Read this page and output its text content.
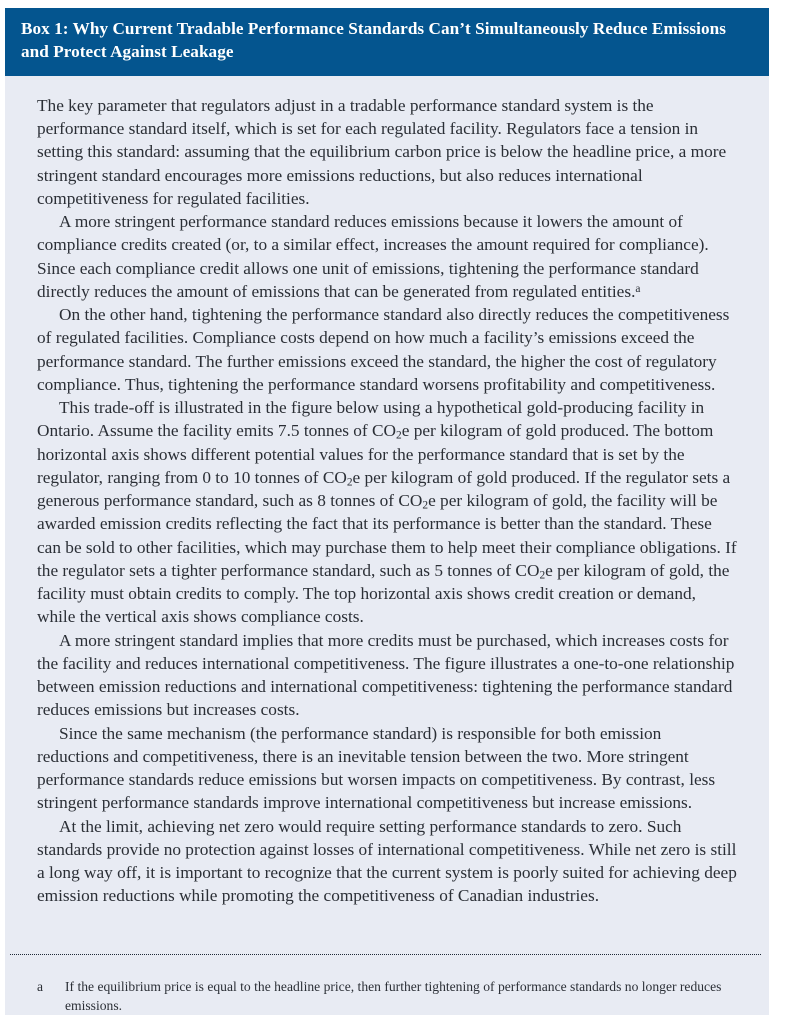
Box 1: Why Current Tradable Performance Standards Can’t Simultaneously Reduce Emissions and Protect Against Leakage

The key parameter that regulators adjust in a tradable performance standard system is the performance standard itself, which is set for each regulated facility. Regulators face a tension in setting this standard: assuming that the equilibrium carbon price is below the headline price, a more stringent standard encourages more emissions reductions, but also reduces international competitiveness for regulated facilities.

A more stringent performance standard reduces emissions because it lowers the amount of compliance credits created (or, to a similar effect, increases the amount required for compliance). Since each compliance credit allows one unit of emissions, tightening the performance standard directly reduces the amount of emissions that can be generated from regulated entities.$^a$

On the other hand, tightening the performance standard also directly reduces the competitiveness of regulated facilities. Compliance costs depend on how much a facility’s emissions exceed the performance standard. The further emissions exceed the standard, the higher the cost of regulatory compliance. Thus, tightening the performance standard worsens profitability and competitiveness.

This trade-off is illustrated in the figure below using a hypothetical gold-producing facility in Ontario. Assume the facility emits 7.5 tonnes of $CO_2e$ per kilogram of gold produced. The bottom horizontal axis shows different potential values for the performance standard that is set by the regulator, ranging from 0 to 10 tonnes of $CO_2e$ per kilogram of gold produced. If the regulator sets a generous performance standard, such as 8 tonnes of $CO_2e$ per kilogram of gold, the facility will be awarded emission credits reflecting the fact that its performance is better than the standard. These can be sold to other facilities, which may purchase them to help meet their compliance obligations. If the regulator sets a tighter performance standard, such as 5 tonnes of $CO_2e$ per kilogram of gold, the facility must obtain credits to comply. The top horizontal axis shows credit creation or demand, while the vertical axis shows compliance costs.

A more stringent standard implies that more credits must be purchased, which increases costs for the facility and reduces international competitiveness. The figure illustrates a one-to-one relationship between emission reductions and international competitiveness: tightening the performance standard reduces emissions but increases costs.

Since the same mechanism (the performance standard) is responsible for both emission reductions and competitiveness, there is an inevitable tension between the two. More stringent performance standards reduce emissions but worsen impacts on competitiveness. By contrast, less stringent performance standards improve international competitiveness but increase emissions.

At the limit, achieving net zero would require setting performance standards to zero. Such standards provide no protection against losses of international competitiveness. While net zero is still a long way off, it is important to recognize that the current system is poorly suited for achieving deep emission reductions while promoting the competitiveness of Canadian industries.

a	If the equilibrium price is equal to the headline price, then further tightening of performance standards no longer reduces emissions.
